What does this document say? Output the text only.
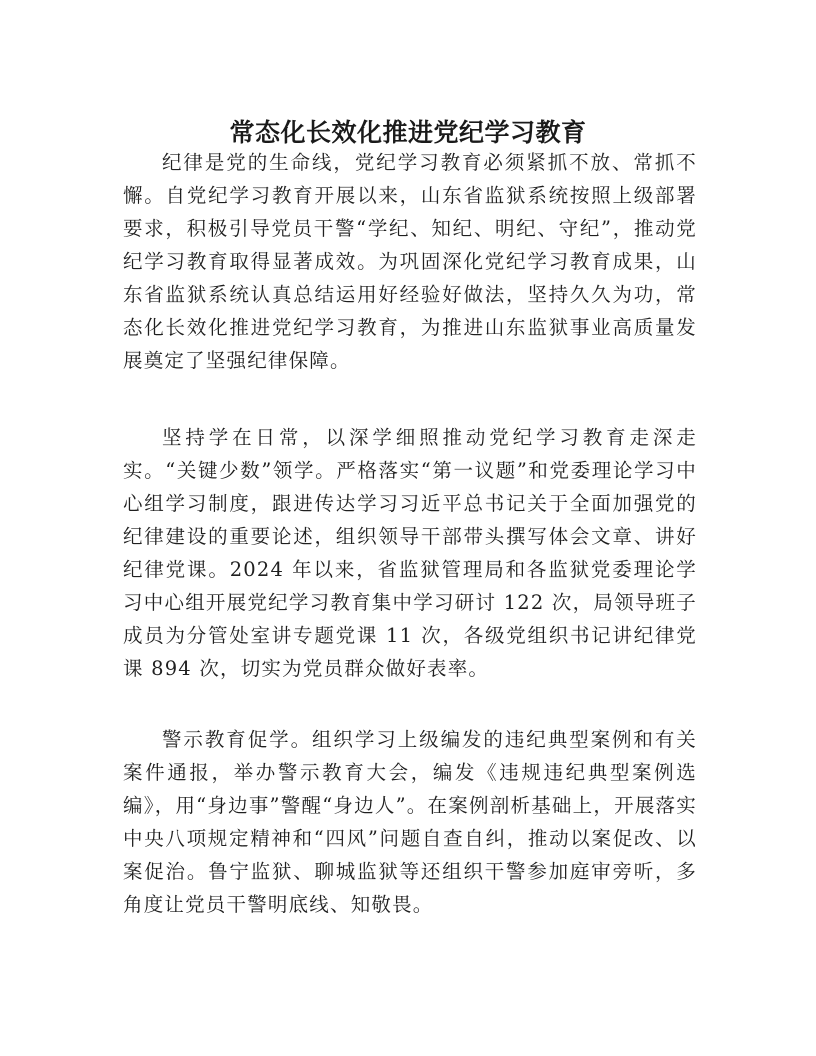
常态化长效化推进党纪学习教育

纪律是党的生命线，党纪学习教育必须紧抓不放、常抓不懈。自党纪学习教育开展以来，山东省监狱系统按照上级部署要求，积极引导党员干警“学纪、知纪、明纪、守纪”，推动党纪学习教育取得显著成效。为巩固深化党纪学习教育成果，山东省监狱系统认真总结运用好经验好做法，坚持久久为功，常态化长效化推进党纪学习教育，为推进山东监狱事业高质量发展奠定了坚强纪律保障。

坚持学在日常，以深学细照推动党纪学习教育走深走实。“关键少数”领学。严格落实“第一议题”和党委理论学习中心组学习制度，跟进传达学习习近平总书记关于全面加强党的纪律建设的重要论述，组织领导干部带头撰写体会文章、讲好纪律党课。2024 年以来，省监狱管理局和各监狱党委理论学习中心组开展党纪学习教育集中学习研讨 122 次，局领导班子成员为分管处室讲专题党课 11 次，各级党组织书记讲纪律党课 894 次，切实为党员群众做好表率。

警示教育促学。组织学习上级编发的违纪典型案例和有关案件通报，举办警示教育大会，编发《违规违纪典型案例选编》，用“身边事”警醒“身边人”。在案例剖析基础上，开展落实中央八项规定精神和“四风”问题自查自纠，推动以案促改、以案促治。鲁宁监狱、聊城监狱等还组织干警参加庭审旁听，多角度让党员干警明底线、知敬畏。
